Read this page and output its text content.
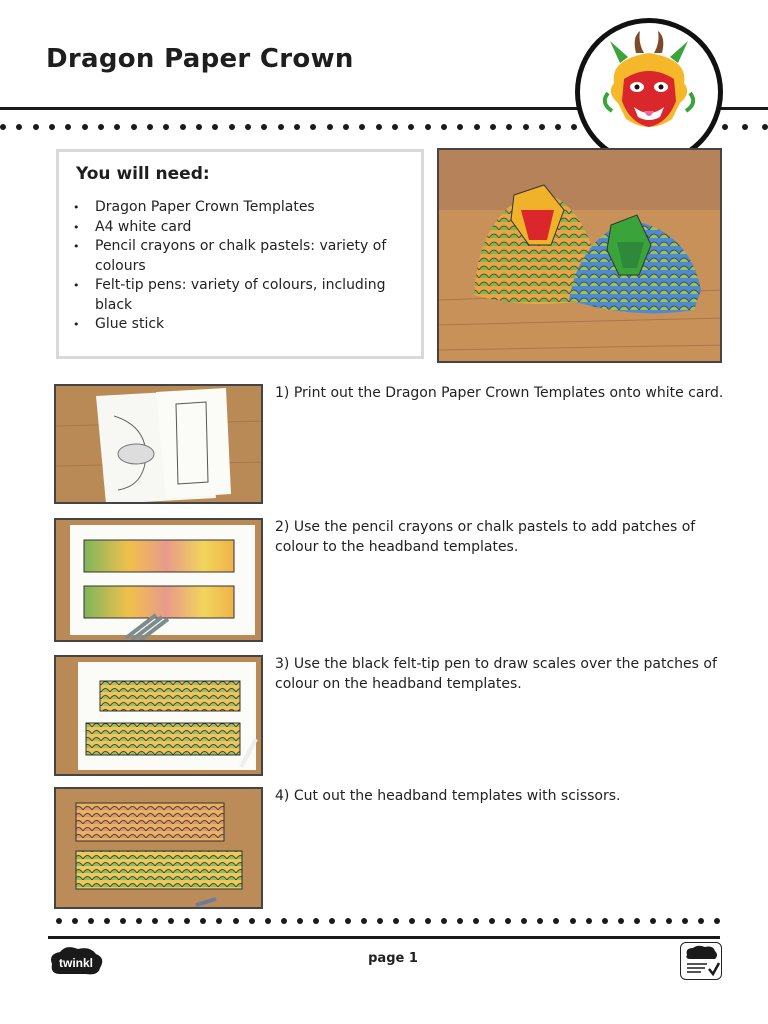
Dragon Paper Crown
You will need:
• Dragon Paper Crown Templates
• A4 white card
• Pencil crayons or chalk pastels: variety of colours
• Felt-tip pens: variety of colours, including black
• Glue stick
1) Print out the Dragon Paper Crown Templates onto white card.
2) Use the pencil crayons or chalk pastels to add patches of colour to the headband templates.
3) Use the black felt-tip pen to draw scales over the patches of colour on the headband templates.
4) Cut out the headband templates with scissors.
twinkl	page 1
